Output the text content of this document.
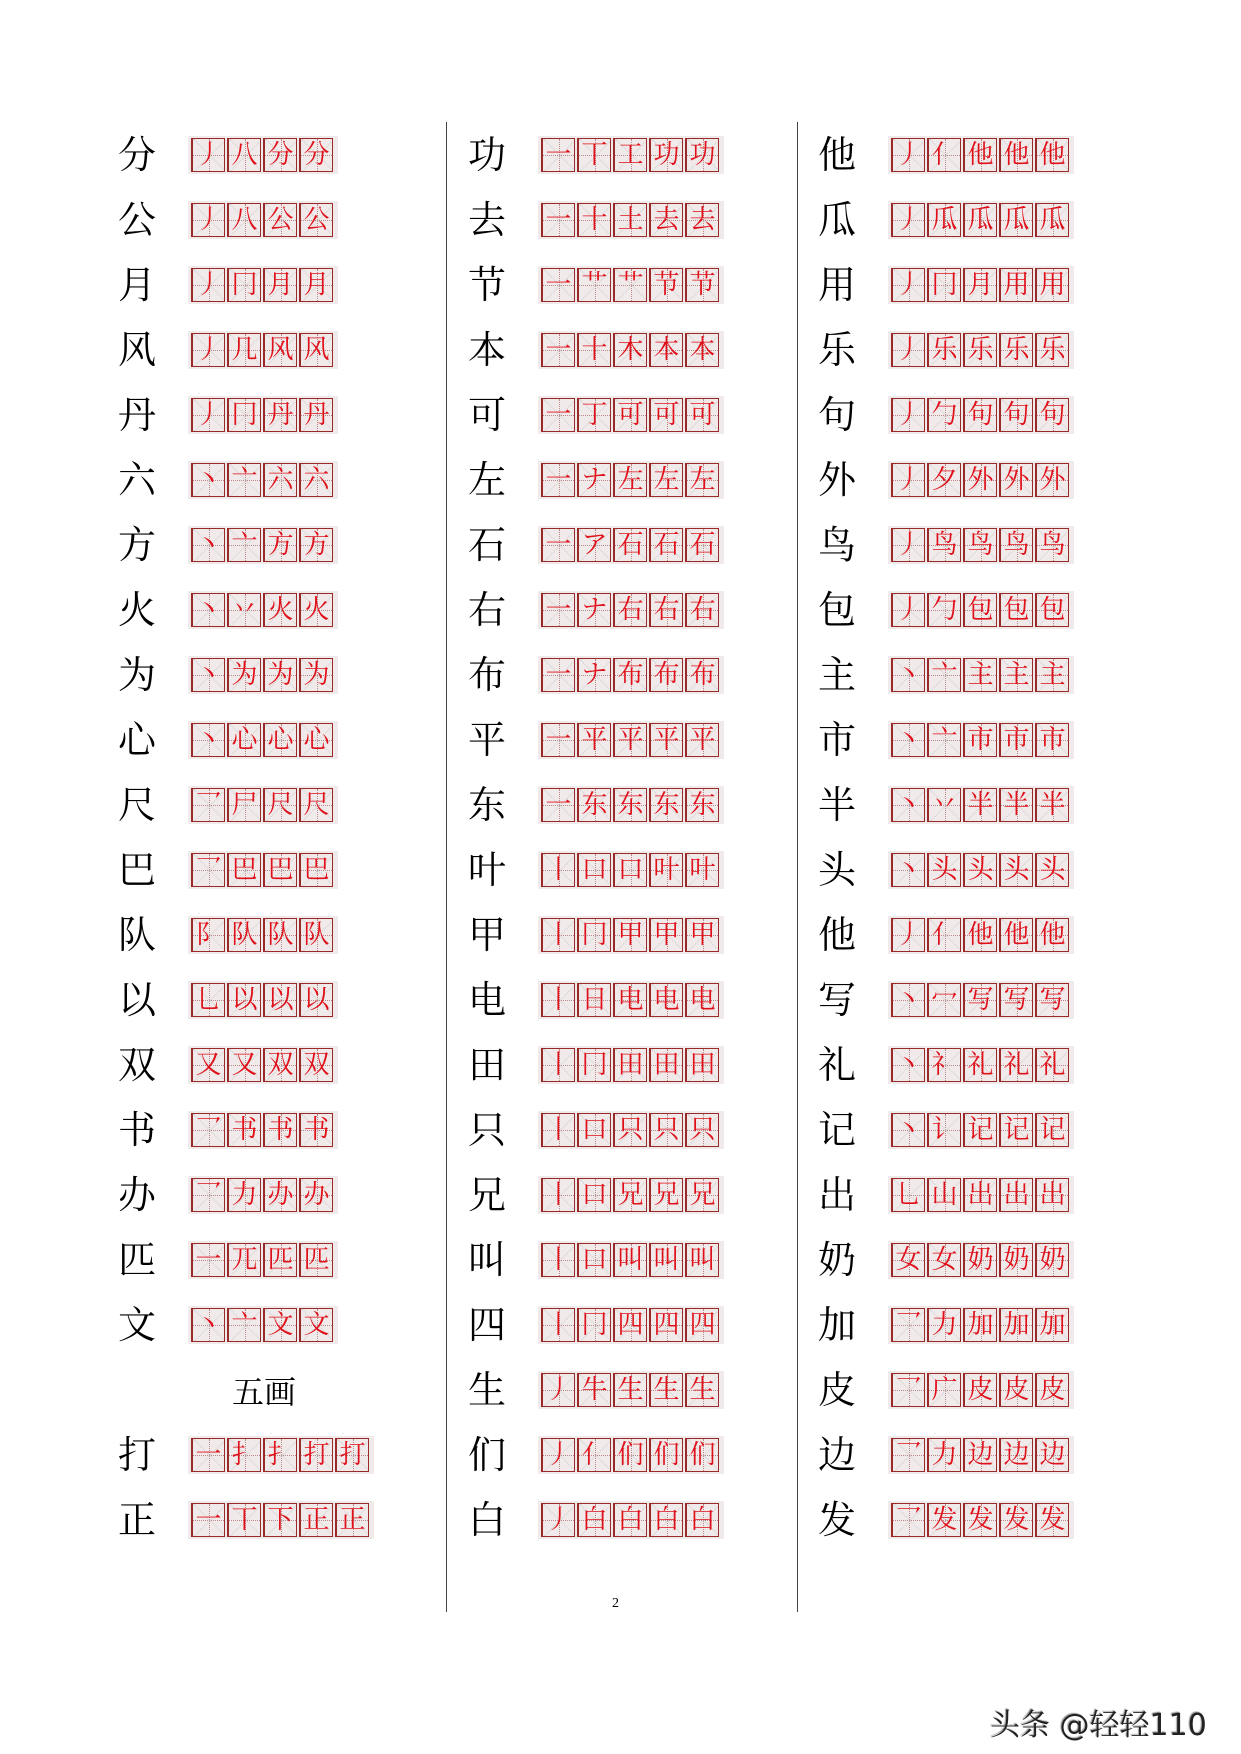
分	丿 八 分 分
公	丿 八 公 公
月	丿 冂 月 月
风	丿 几 风 风
丹	丿 冂 丹 丹
六	丶 亠 六 六
方	丶 亠 方 方
火	丶 丷 火 火
为	丶 为 为 为
心	丶 心 心 心
尺	乛 尸 尺 尺
巴	乛 巴 巴 巴
队	阝 队 队 队
以	乚 以 以 以
双	又 又 双 双
书	乛 书 书 书
办	乛 力 办 办
匹	一 兀 匹 匹
文	丶 亠 文 文
五画
打	一 扌 扌 打 打
正	一 丅 下 正 正
功	一 丅 工 功 功
去	一 十 土 去 去
节	一 艹 艹 节 节
本	一 十 木 本 本
可	一 丁 可 可 可
左	一 ナ 左 左 左
石	一 ア 石 石 石
右	一 ナ 右 右 右
布	一 ナ 布 布 布
平	一 平 平 平 平
东	一 东 东 东 东
叶	丨 口 口 叶 叶
甲	丨 冂 甲 甲 甲
电	丨 日 电 电 电
田	丨 冂 田 田 田
只	丨 口 只 只 只
兄	丨 口 兄 兄 兄
叫	丨 口 叫 叫 叫
四	丨 冂 四 四 四
生	丿 牛 生 生 生
们	丿 亻 们 们 们
白	丿 白 白 白 白
他	丿 亻 他 他 他
瓜	丿 瓜 瓜 瓜 瓜
用	丿 冂 月 用 用
乐	丿 乐 乐 乐 乐
句	丿 勹 句 句 句
外	丿 夕 外 外 外
鸟	丿 鸟 鸟 鸟 鸟
包	丿 勹 包 包 包
主	丶 亠 主 主 主
市	丶 亠 市 市 市
半	丶 丷 半 半 半
头	丶 头 头 头 头
他	丿 亻 他 他 他
写	丶 冖 写 写 写
礼	丶 礻 礼 礼 礼
记	丶 讠 记 记 记
出	乚 山 出 出 出
奶	女 女 奶 奶 奶
加	乛 力 加 加 加
皮	乛 广 皮 皮 皮
边	乛 力 边 边 边
发	乛 发 发 发 发
2
头条 @轻轻110
